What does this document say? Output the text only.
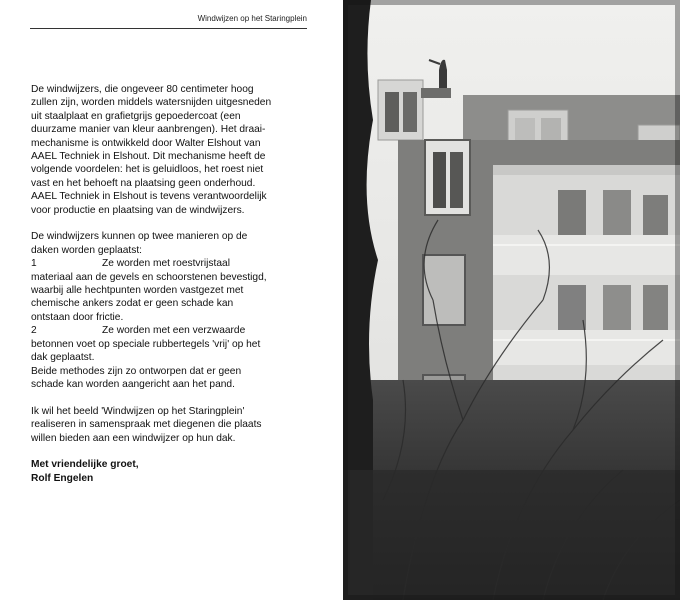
Windwijzen op het Staringplein

De windwijzers, die ongeveer 80 centimeter hoog

zullen zijn, worden middels watersnijden uitgesneden

uit staalplaat en grafietgrijs gepoedercoat (een

duurzame manier van kleur aanbrengen). Het draai-

mechanisme is ontwikkeld door Walter Elshout van

AAEL Techniek in Elshout. Dit mechanisme heeft de

volgende voordelen: het is geluidloos, het roest niet

vast en het behoeft na plaatsing geen onderhoud.

AAEL Techniek in Elshout is tevens verantwoordelijk

voor productie en plaatsing van de windwijzers.

De windwijzers kunnen op twee manieren op de

daken worden geplaatst:

1	Ze worden met roestvrijstaal

materiaal aan de gevels en schoorstenen bevestigd,

waarbij alle hechtpunten worden vastgezet met

chemische ankers zodat er geen schade kan

ontstaan door frictie.

2	Ze worden met een verzwaarde

betonnen voet op speciale rubbertegels 'vrij' op het

dak geplaatst.

Beide methodes zijn zo ontworpen dat er geen

schade kan worden aangericht aan het pand.

Ik wil het beeld 'Windwijzen op het Staringplein'

realiseren in samenspraak met diegenen die plaats

willen bieden aan een windwijzer op hun dak.

Met vriendelijke groet,

Rolf Engelen
